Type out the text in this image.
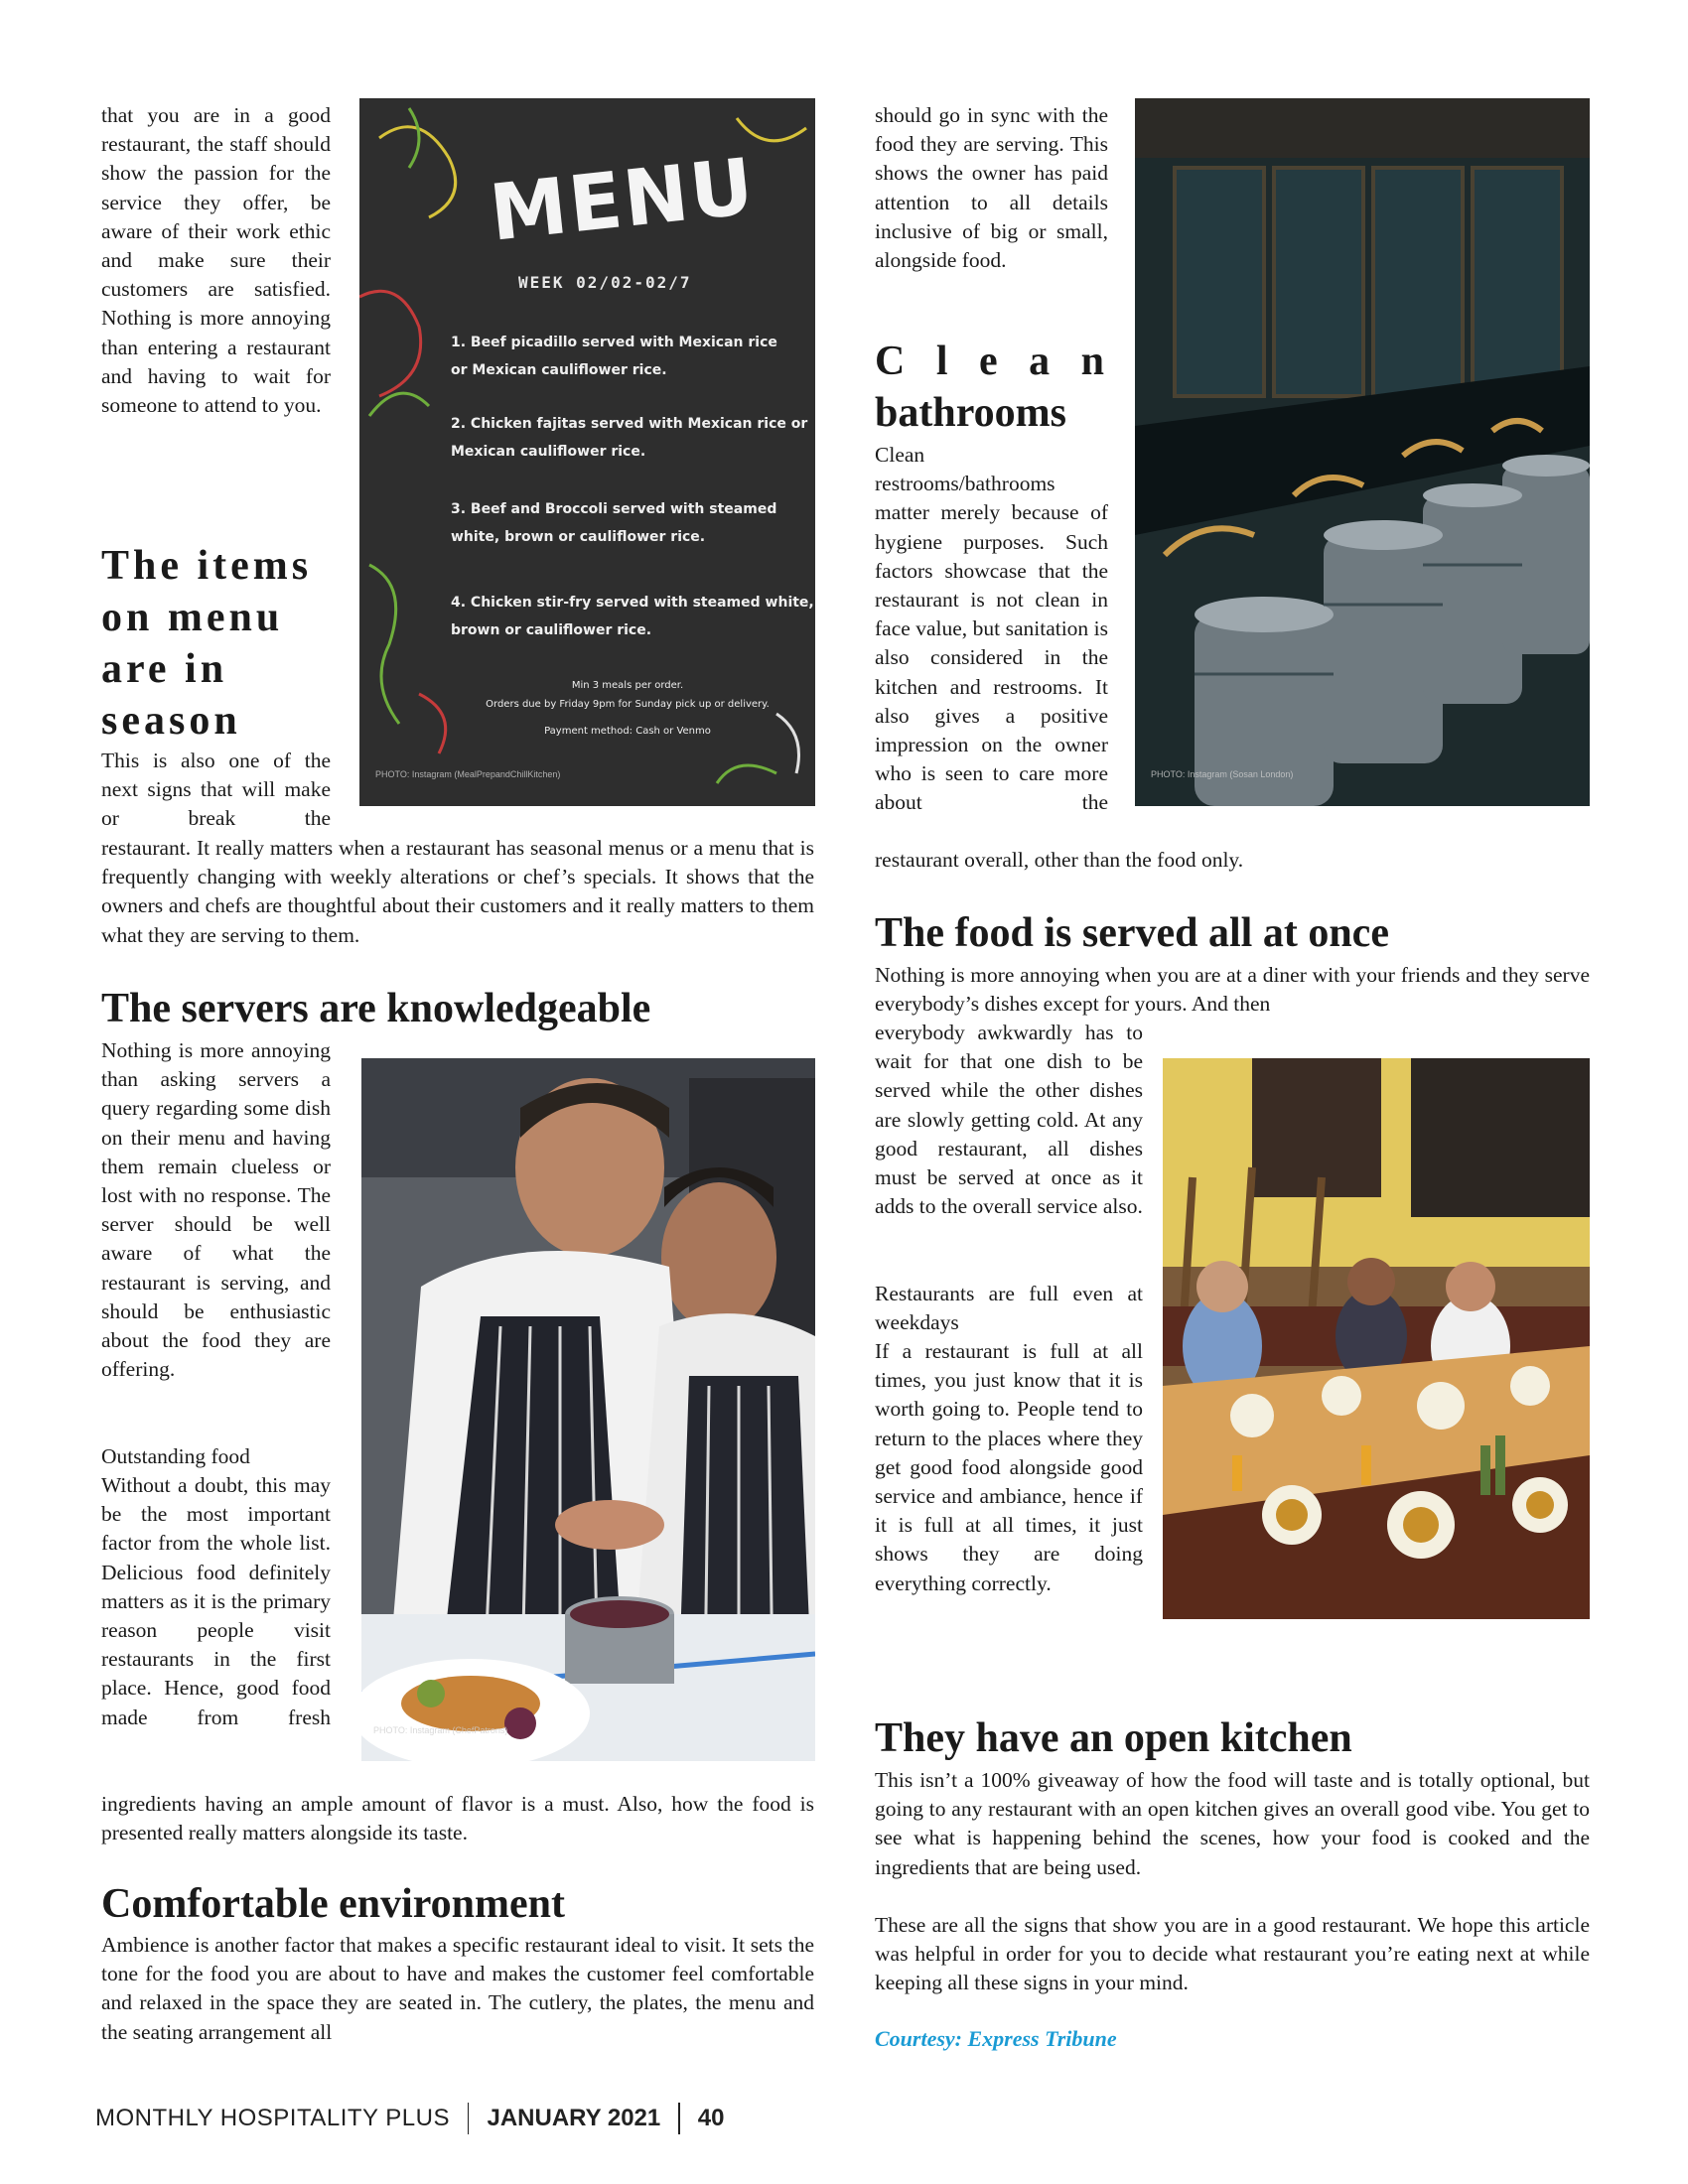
that you are in a good restaurant, the staff should show the passion for the service they offer, be aware of their work ethic and make sure their customers are satisfied. Nothing is more annoying than entering a restaurant and having to wait for someone to attend to you.

The items on menu are in season

This is also one of the next signs that will make or break the

restaurant. It really matters when a restaurant has seasonal menus or a menu that is frequently changing with weekly alterations or chef’s specials. It shows that the owners and chefs are thoughtful about their customers and it really matters to them what they are serving to them.

MENU
WEEK 02/02-02/7
1. Beef picadillo served with Mexican rice
or Mexican cauliflower rice.
2. Chicken fajitas served with Mexican rice or
Mexican cauliflower rice.
3. Beef and Broccoli served with steamed
white, brown or cauliflower rice.
4. Chicken stir-fry served with steamed white,
brown or cauliflower rice.
Min 3 meals per order.
Orders due by Friday 9pm for Sunday pick up or delivery.
Payment method: Cash or Venmo
PHOTO: Instagram (MealPrepandChillKitchen)
The servers are knowledgeable

Nothing is more annoying than asking servers a query regarding some dish on their menu and having them remain clueless or lost with no response. The server should be well aware of what the restaurant is serving, and should be enthusiastic about the food they are offering.

Outstanding food

Without a doubt, this may be the most important factor from the whole list. Delicious food definitely matters as it is the primary reason people visit restaurants in the first place. Hence, good food made from fresh

ingredients having an ample amount of flavor is a must. Also, how the food is presented really matters alongside its taste.

PHOTO: Instagram (ChefPatrons)
Comfortable environment

Ambience is another factor that makes a specific restaurant ideal to visit. It sets the tone for the food you are about to have and makes the customer feel comfortable and relaxed in the space they are seated in. The cutlery, the plates, the menu and the seating arrangement all

should go in sync with the food they are serving. This shows the owner has paid attention to all details inclusive of big or small, alongside food.

C l e a n
bathrooms

Clean restrooms/bathrooms matter merely because of hygiene purposes. Such factors showcase that the restaurant is not clean in face value, but sanitation is also considered in the kitchen and restrooms. It also gives a positive impression on the owner who is seen to care more about the

restaurant overall, other than the food only.

PHOTO: Instagram (Sosan London)
The food is served all at once

Nothing is more annoying when you are at a diner with your friends and they serve everybody’s dishes except for yours. And then

everybody awkwardly has to wait for that one dish to be served while the other dishes are slowly getting cold. At any good restaurant, all dishes must be served at once as it adds to the overall service also.

Restaurants are full even at weekdays

If a restaurant is full at all times, you just know that it is worth going to. People tend to return to the places where they get good food alongside good service and ambiance, hence if it is full at all times, it just shows they are doing everything correctly.

They have an open kitchen

This isn’t a 100% giveaway of how the food will taste and is totally optional, but going to any restaurant with an open kitchen gives an overall good vibe. You get to see what is happening behind the scenes, how your food is cooked and the ingredients that are being used.

These are all the signs that show you are in a good restaurant. We hope this article was helpful in order for you to decide what restaurant you’re eating next at while keeping all these signs in your mind.

Courtesy: Express Tribune
MONTHLY HOSPITALITY PLUS JANUARY 2021 40
